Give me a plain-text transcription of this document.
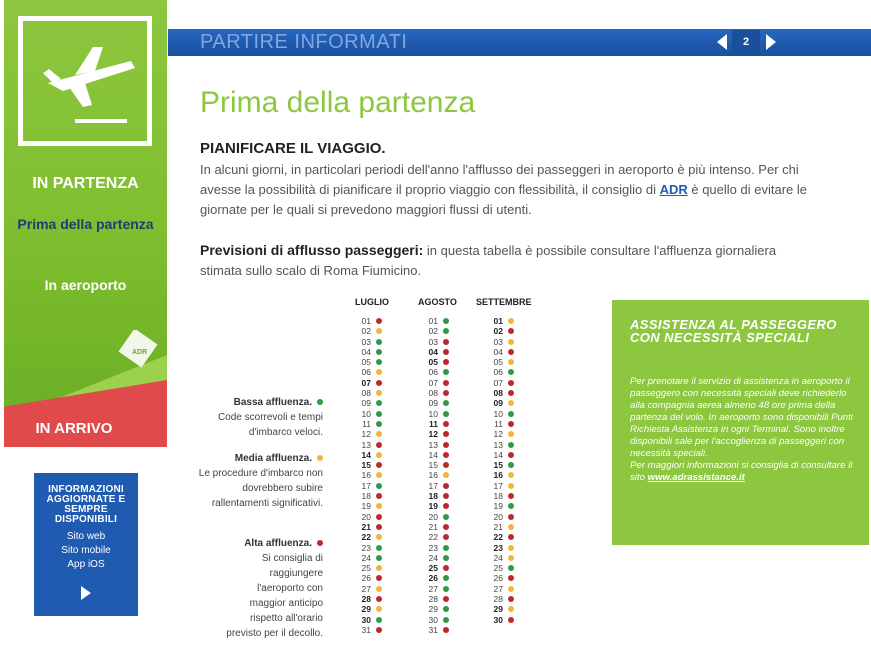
IN PARTENZA
Prima della partenza
In aeroporto
ADR
IN ARRIVO
INFORMAZIONI AGGIORNATE E SEMPRE DISPONIBILI
Sito web
Sito mobile
App iOS
PARTIRE INFORMATI	2
Prima della partenza
PIANIFICARE IL VIAGGIO.
In alcuni giorni, in particolari periodi dell'anno l'afflusso dei passeggeri in aeroporto è più intenso. Per chi avesse la possibilità di pianificare il proprio viaggio con flessibilità, il consiglio di ADR è quello di evitare le giornate per le quali si prevedono maggiori flussi di utenti.
Previsioni di afflusso passeggeri: in questa tabella è possibile consultare l'affluenza giornaliera stimata sullo scalo di Roma Fiumicino.
Bassa affluenza.
Code scorrevoli e tempi d'imbarco veloci.
Media affluenza.
Le procedure d'imbarco non dovrebbero subire rallentamenti significativi.
Alta affluenza.
Si consiglia di raggiungere l'aeroporto con maggior anticipo rispetto all'orario previsto per il decollo.
LUGLIO	AGOSTO SETTEMBRE
01
02
03
04
05
06
07
08
09
10
11
12
13
14
15
16
17
18
19
20
21
22
23
24
25
26
27
28
29
30
31
01
02
03
04
05
06
07
08
09
10
11
12
13
14
15
16
17
18
19
20
21
22
23
24
25
26
27
28
29
30
31
01
02
03
04
05
06
07
08
09
10
11
12
13
14
15
16
17
18
19
20
21
22
23
24
25
26
27
28
29
30
ASSISTENZA AL PASSEGGERO CON NECESSITÀ SPECIALI
Per prenotare il servizio di assistenza in aeroporto il passeggero con necessità speciali deve richiederlo alla compagnia aerea almeno 48 ore prima della partenza del volo. In aeroporto sono disponibili Punti Richiesta Assistenza in ogni Terminal. Sono inoltre disponibili sale per l'accoglienza di passeggeri con necessità speciali.
Per maggiori informazioni si consiglia di consultare il sito www.adrassistance.it
